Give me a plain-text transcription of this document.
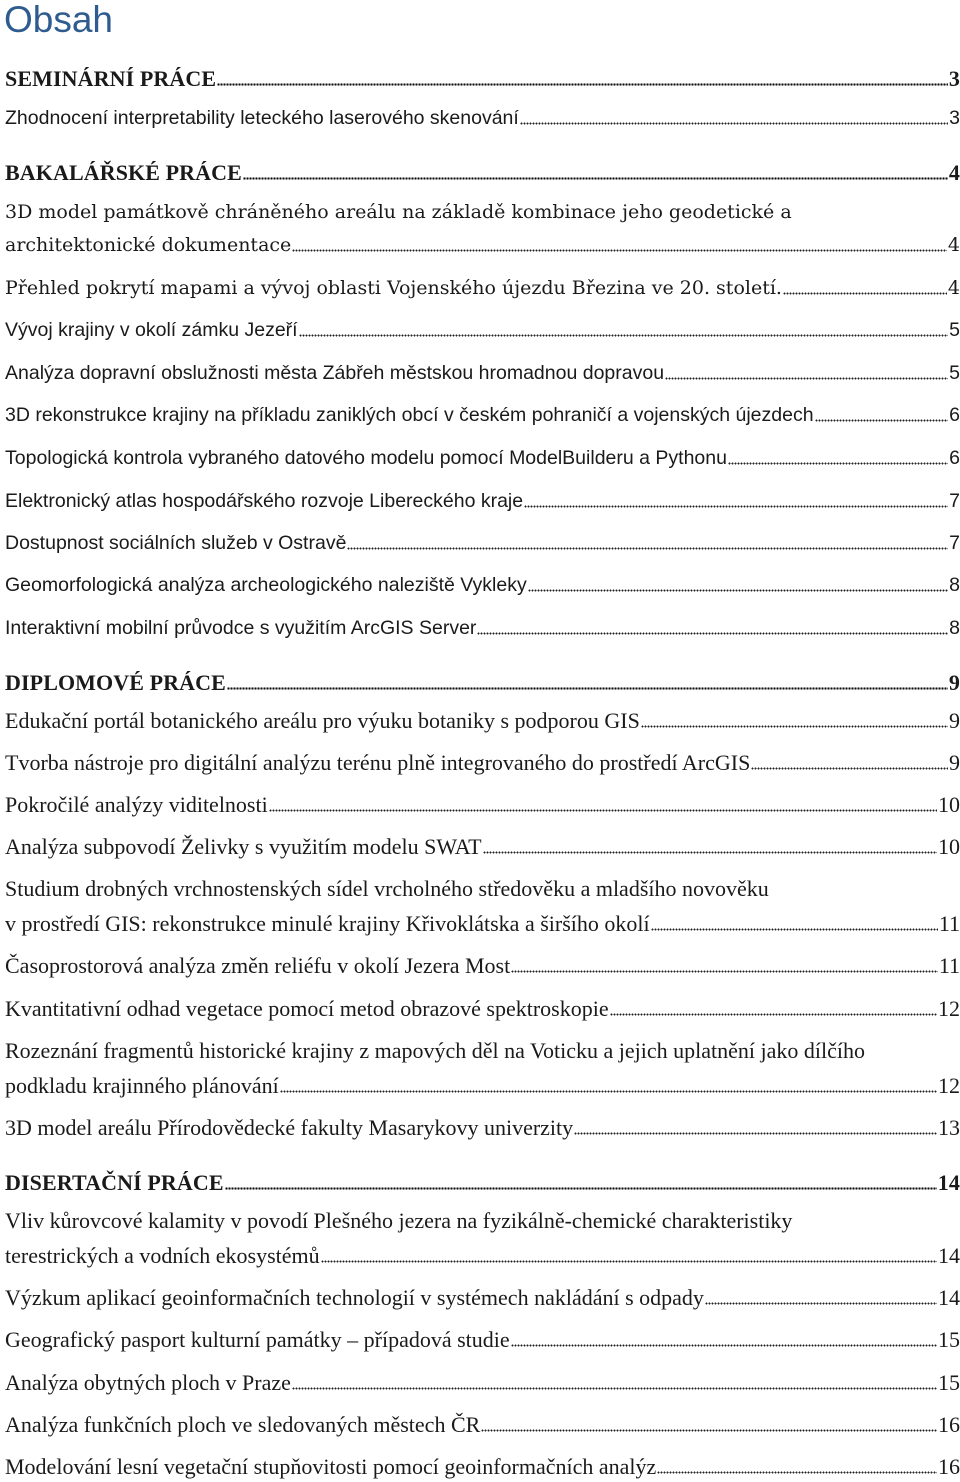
Obsah
SEMINÁRNÍ PRÁCE	3
Zhodnocení interpretability leteckého laserového skenování	3
BAKALÁŘSKÉ PRÁCE	4
3D model památkově chráněného areálu na základě kombinace jeho geodetické a
architektonické dokumentace	4
Přehled pokrytí mapami a vývoj oblasti Vojenského újezdu Březina ve 20. století.	4
Vývoj krajiny v okolí zámku Jezeří	5
Analýza dopravní obslužnosti města Zábřeh městskou hromadnou dopravou	5
3D rekonstrukce krajiny na příkladu zaniklých obcí v českém pohraničí a vojenských újezdech	6
Topologická kontrola vybraného datového modelu pomocí ModelBuilderu a Pythonu	6
Elektronický atlas hospodářského rozvoje Libereckého kraje	7
Dostupnost sociálních služeb v Ostravě	7
Geomorfologická analýza archeologického naleziště Vykleky	8
Interaktivní mobilní průvodce s využitím ArcGIS Server	8
DIPLOMOVÉ PRÁCE	9
Edukační portál botanického areálu pro výuku botaniky s podporou GIS	9
Tvorba nástroje pro digitální analýzu terénu plně integrovaného do prostředí ArcGIS	9
Pokročilé analýzy viditelnosti	10
Analýza subpovodí Želivky s využitím modelu SWAT	10
Studium drobných vrchnostenských sídel vrcholného středověku a mladšího novověku
v prostředí GIS: rekonstrukce minulé krajiny Křivoklátska a širšího okolí	11
Časoprostorová analýza změn reliéfu v okolí Jezera Most	11
Kvantitativní odhad vegetace pomocí metod obrazové spektroskopie	12
Rozeznání fragmentů historické krajiny z mapových děl na Voticku a jejich uplatnění jako dílčího
podkladu krajinného plánování	12
3D model areálu Přírodovědecké fakulty Masarykovy univerzity	13
DISERTAČNÍ PRÁCE	14
Vliv kůrovcové kalamity v povodí Plešného jezera na fyzikálně-chemické charakteristiky
terestrických a vodních ekosystémů	14
Výzkum aplikací geoinformačních technologií v systémech nakládání s odpady	14
Geografický pasport kulturní památky – případová studie	15
Analýza obytných ploch v Praze	15
Analýza funkčních ploch ve sledovaných městech ČR	16
Modelování lesní vegetační stupňovitosti pomocí geoinformačních analýz	16
